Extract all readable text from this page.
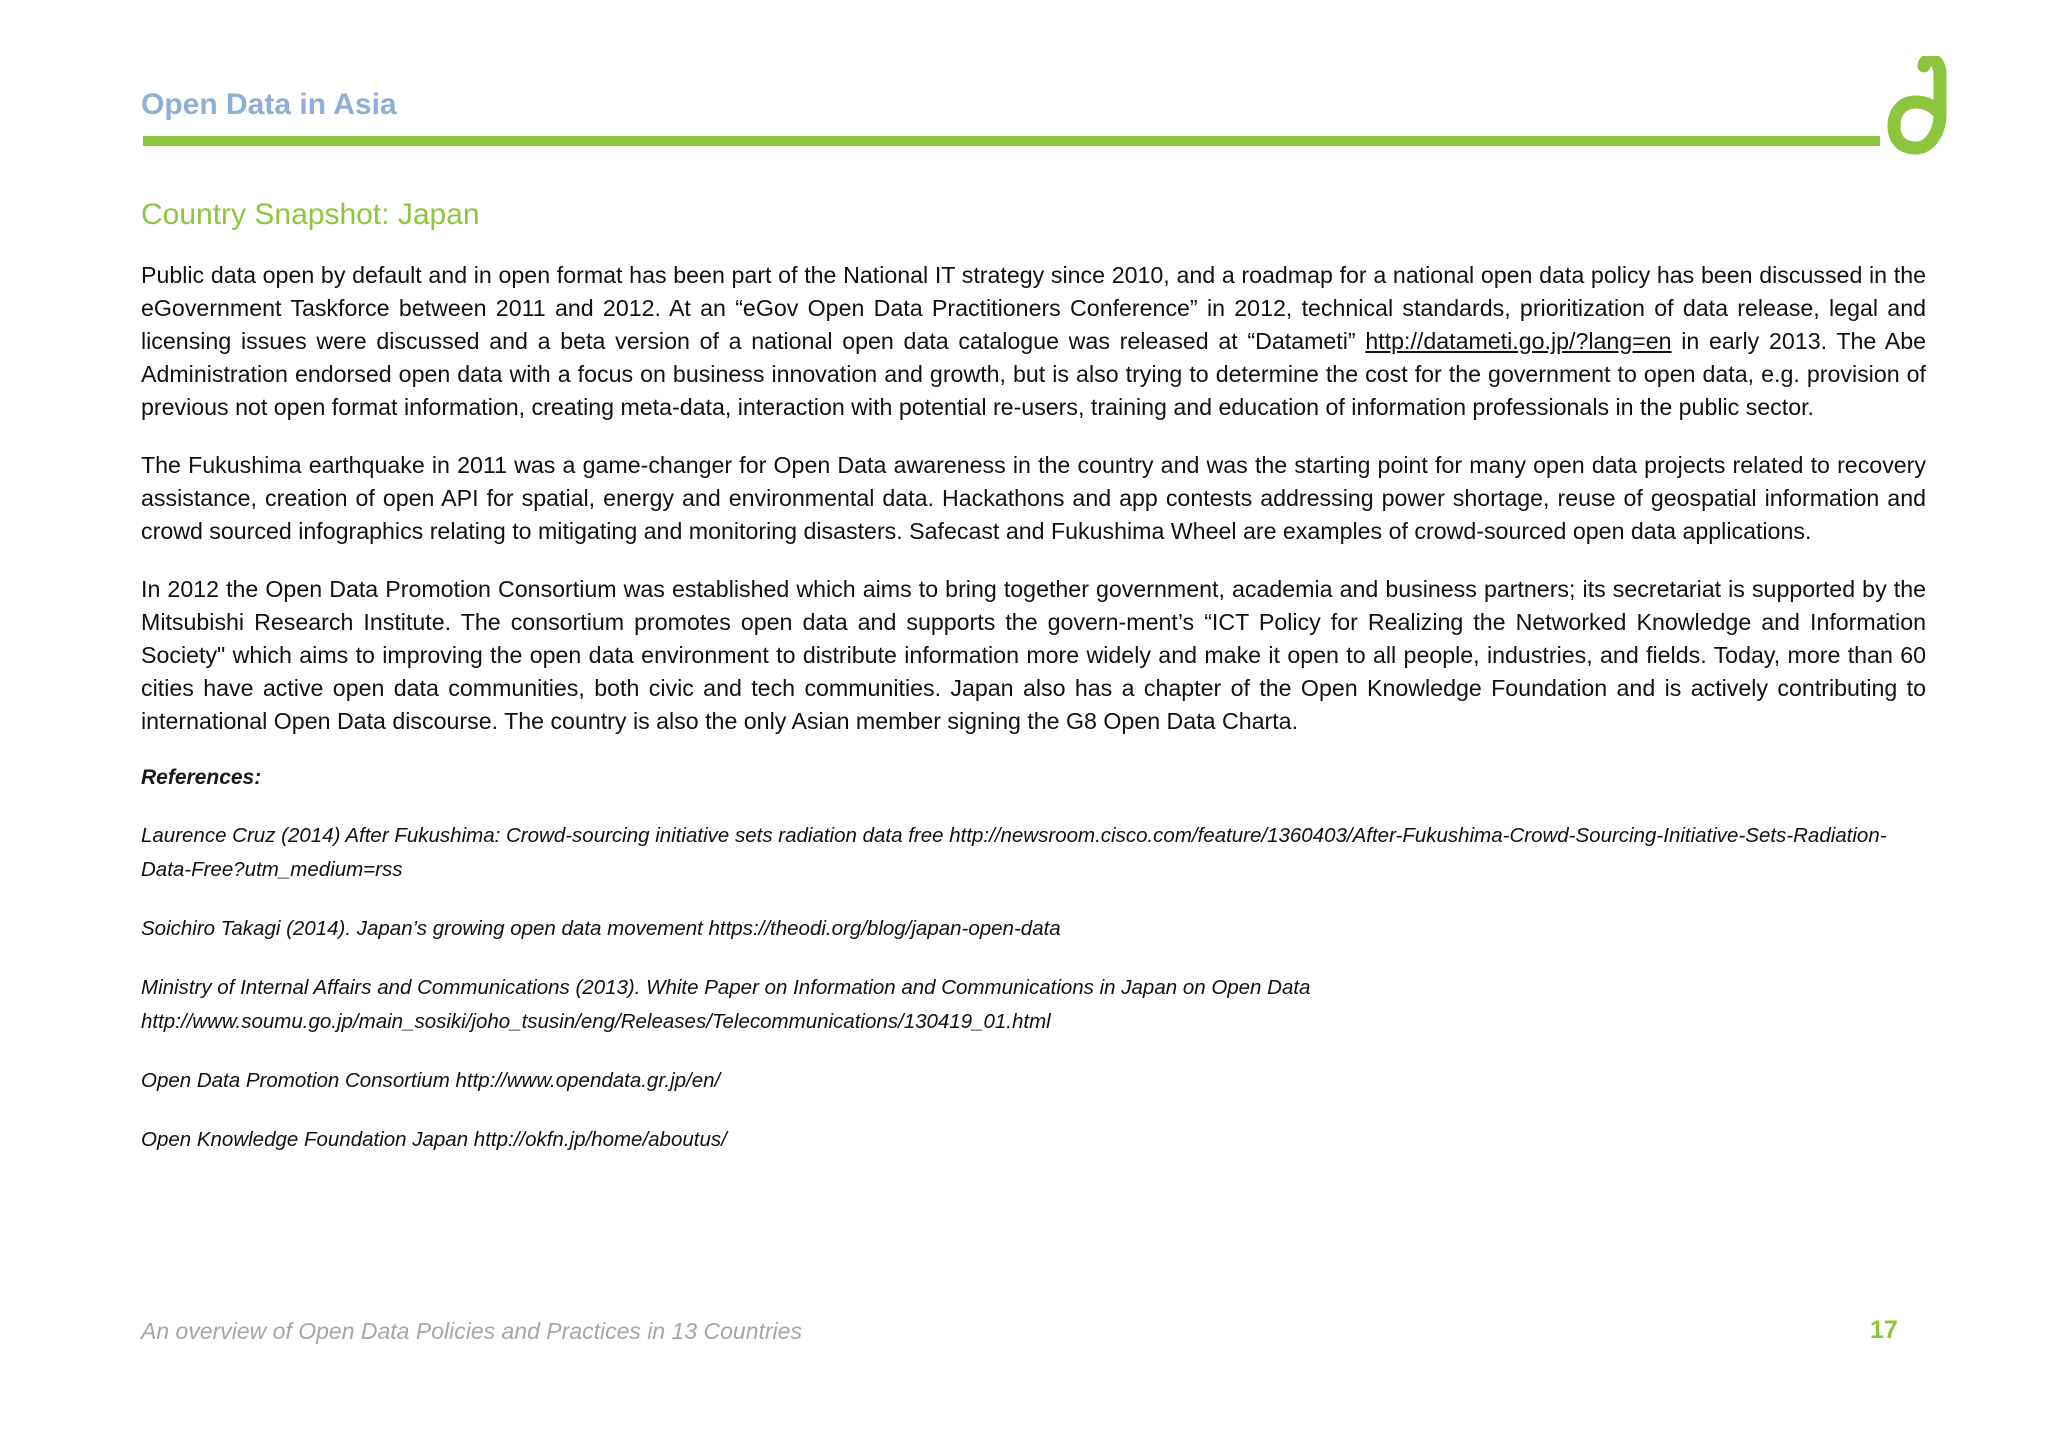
Open Data in Asia
Country Snapshot: Japan

Public data open by default and in open format has been part of the National IT strategy since 2010, and a roadmap for a national open data policy has been discussed in the eGovernment Taskforce between 2011 and 2012. At an “eGov Open Data Practitioners Conference” in 2012, technical standards, prioritization of data release, legal and licensing issues were discussed and a beta version of a national open data catalogue was released at “Datameti” http://datameti.go.jp/?lang=en in early 2013. The Abe Administration endorsed open data with a focus on business innovation and growth, but is also trying to determine the cost for the government to open data, e.g. provision of previous not open format information, creating meta-data, interaction with potential re-users, training and education of information professionals in the public sector.

The Fukushima earthquake in 2011 was a game-changer for Open Data awareness in the country and was the starting point for many open data projects related to recovery assistance, creation of open API for spatial, energy and environmental data. Hackathons and app contests addressing power shortage, reuse of geospatial information and crowd sourced infographics relating to mitigating and monitoring disasters. Safecast and Fukushima Wheel are examples of crowd-sourced open data applications.

In 2012 the Open Data Promotion Consortium was established which aims to bring together government, academia and business partners; its secretariat is supported by the Mitsubishi Research Institute. The consortium promotes open data and supports the govern-ment’s “ICT Policy for Realizing the Networked Knowledge and Information Society" which aims to improving the open data environment to distribute information more widely and make it open to all people, industries, and fields. Today, more than 60 cities have active open data communities, both civic and tech communities. Japan also has a chapter of the Open Knowledge Foundation and is actively contributing to international Open Data discourse. The country is also the only Asian member signing the G8 Open Data Charta.

References:
Laurence Cruz (2014) After Fukushima: Crowd-sourcing initiative sets radiation data free http://newsroom.cisco.com/feature/1360403/After-Fukushima-Crowd-Sourcing-Initiative-Sets-Radiation-Data-Free?utm_medium=rss
Soichiro Takagi (2014). Japan’s growing open data movement https://theodi.org/blog/japan-open-data
Ministry of Internal Affairs and Communications (2013). White Paper on Information and Communications in Japan on Open Data http://www.soumu.go.jp/main_sosiki/joho_tsusin/eng/Releases/Telecommunications/130419_01.html
Open Data Promotion Consortium http://www.opendata.gr.jp/en/
Open Knowledge Foundation Japan http://okfn.jp/home/aboutus/
An overview of Open Data Policies and Practices in 13 Countries	17
